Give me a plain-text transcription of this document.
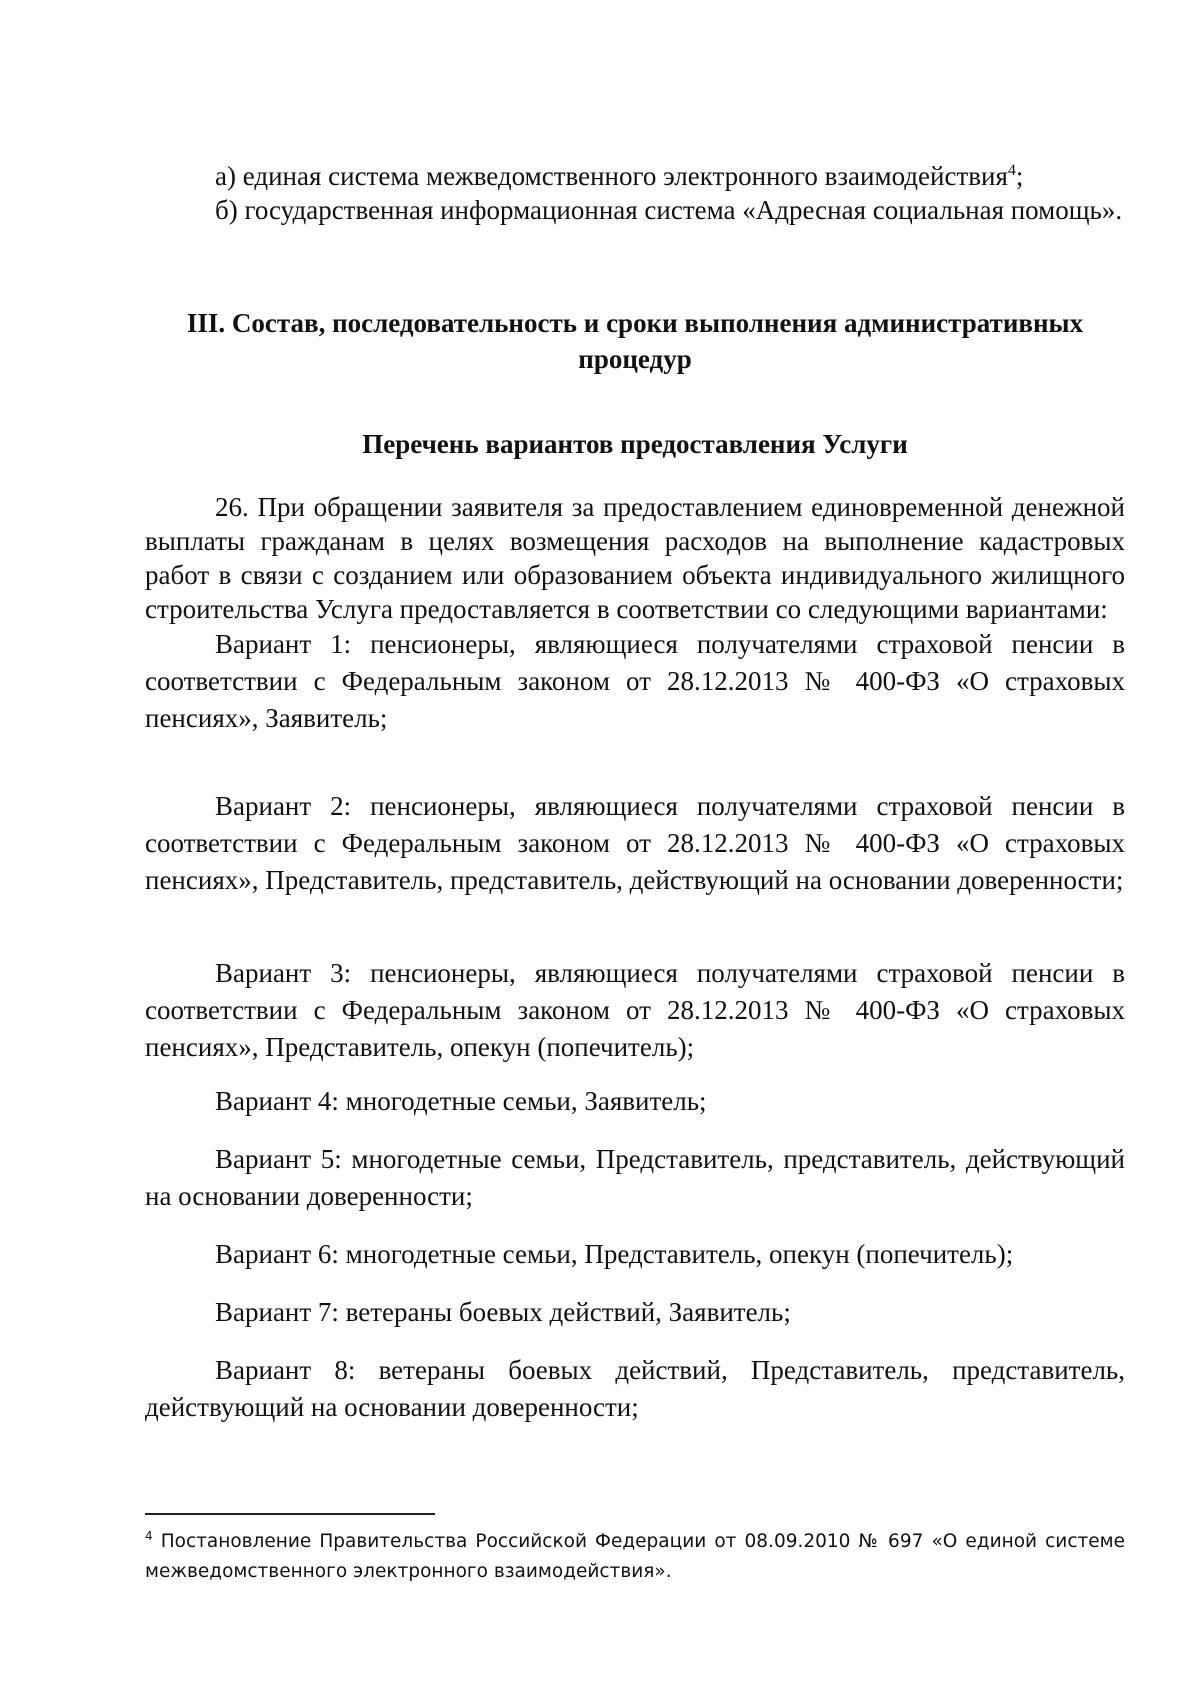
а) единая система межведомственного электронного взаимодействия$^4$;

б) государственная информационная система «Адресная социальная помощь».

III. Состав, последовательность и сроки выполнения административных процедур
Перечень вариантов предоставления Услуги

26. При обращении заявителя за предоставлением единовременной денежной выплаты гражданам в целях возмещения расходов на выполнение кадастровых работ в связи с созданием или образованием объекта индивидуального жилищного строительства Услуга предоставляется в соответствии со следующими вариантами:

Вариант 1: пенсионеры, являющиеся получателями страховой пенсии в соответствии с Федеральным законом от 28.12.2013 № 400-ФЗ «О страховых пенсиях», Заявитель;

Вариант 2: пенсионеры, являющиеся получателями страховой пенсии в соответствии с Федеральным законом от 28.12.2013 № 400-ФЗ «О страховых пенсиях», Представитель, представитель, действующий на основании доверенности;

Вариант 3: пенсионеры, являющиеся получателями страховой пенсии в соответствии с Федеральным законом от 28.12.2013 № 400-ФЗ «О страховых пенсиях», Представитель, опекун (попечитель);

Вариант 4: многодетные семьи, Заявитель;

Вариант 5: многодетные семьи, Представитель, представитель, действующий на основании доверенности;

Вариант 6: многодетные семьи, Представитель, опекун (попечитель);

Вариант 7: ветераны боевых действий, Заявитель;

Вариант 8: ветераны боевых действий, Представитель, представитель, действующий на основании доверенности;

$^4$ Постановление Правительства Российской Федерации от 08.09.2010 № 697 «О единой системе межведомственного электронного взаимодействия».
